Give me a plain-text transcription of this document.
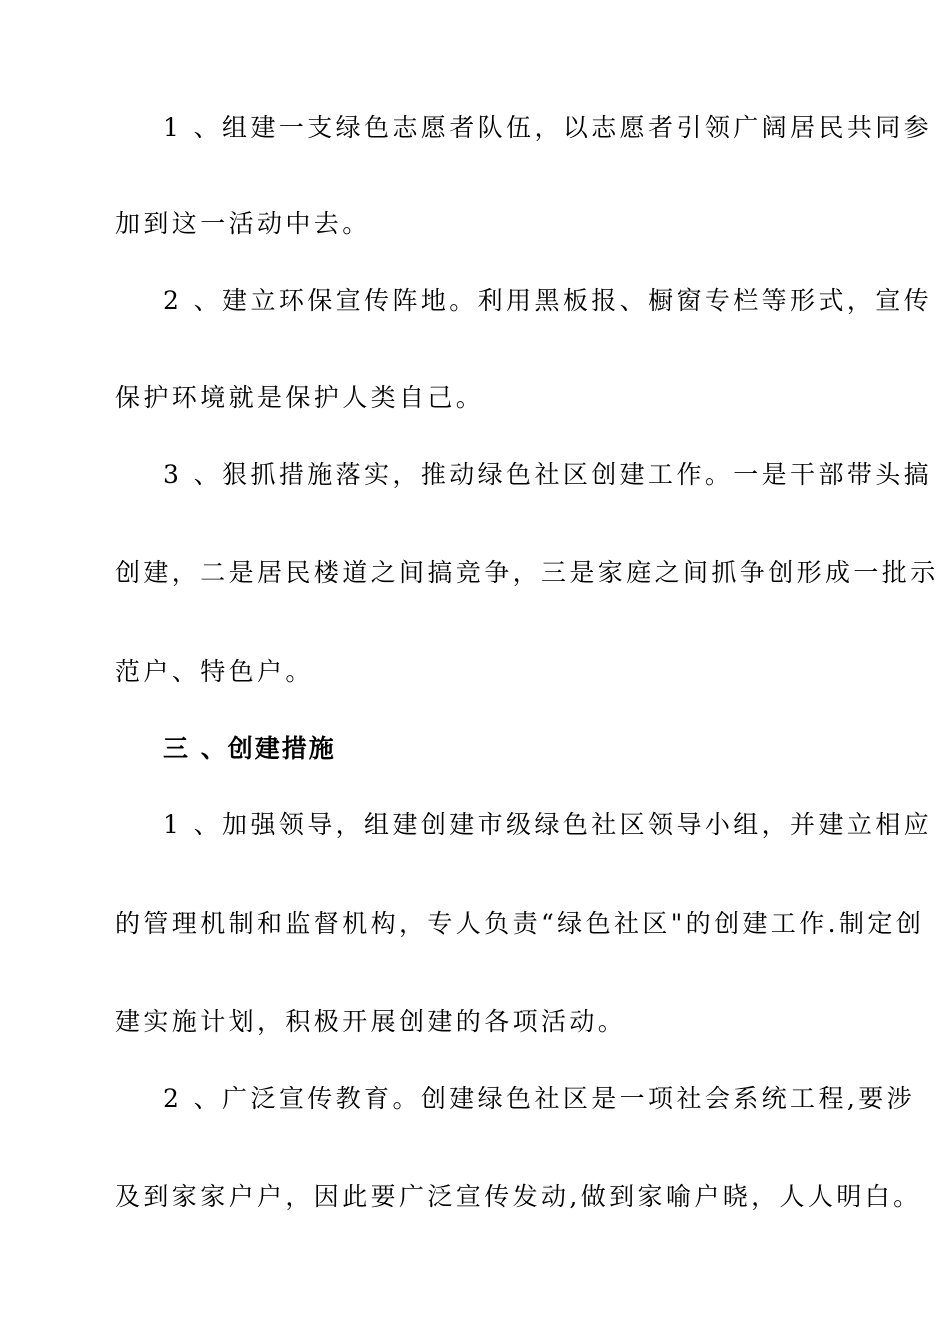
1 、组建一支绿色志愿者队伍，以志愿者引领广阔居民共同参
加到这一活动中去。
2 、建立环保宣传阵地。利用黑板报、橱窗专栏等形式，宣传
保护环境就是保护人类自己。
3 、狠抓措施落实，推动绿色社区创建工作。一是干部带头搞
创建，二是居民楼道之间搞竞争，三是家庭之间抓争创形成一批示
范户、特色户。
三 、创建措施
1 、加强领导，组建创建市级绿色社区领导小组，并建立相应
的管理机制和监督机构，专人负责“绿色社区"的创建工作.制定创
建实施计划，积极开展创建的各项活动。
2 、广泛宣传教育。创建绿色社区是一项社会系统工程,要涉
及到家家户户，因此要广泛宣传发动,做到家喻户晓，人人明白。
